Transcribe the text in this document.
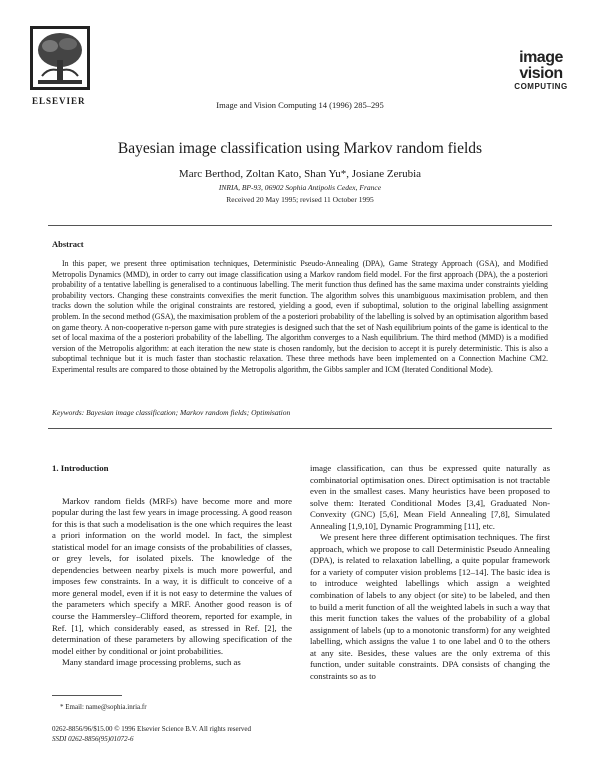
ELSEVIER	Image and Vision Computing 14 (1996) 285–295
image
vision
COMPUTING
Bayesian image classification using Markov random fields
Marc Berthod, Zoltan Kato, Shan Yu*, Josiane Zerubia
INRIA, BP-93, 06902 Sophia Antipolis Cedex, France
Received 20 May 1995; revised 11 October 1995
Abstract
In this paper, we present three optimisation techniques, Deterministic Pseudo-Annealing (DPA), Game Strategy Approach (GSA), and Modified Metropolis Dynamics (MMD), in order to carry out image classification using a Markov random field model. For the first approach (DPA), the a posteriori probability of a tentative labelling is generalised to a continuous labelling. The merit function thus defined has the same maxima under constraints yielding probability vectors. Changing these constraints convexifies the merit function. The algorithm solves this unambiguous maximisation problem, and then tracks down the solution while the original constraints are restored, yielding a good, even if suboptimal, solution to the original labelling assignment problem. In the second method (GSA), the maximisation problem of the a posteriori probability of the labelling is solved by an optimisation algorithm based on game theory. A non-cooperative n-person game with pure strategies is designed such that the set of Nash equilibrium points of the game is identical to the set of local maxima of the a posteriori probability of the labelling. The algorithm converges to a Nash equilibrium. The third method (MMD) is a modified version of the Metropolis algorithm: at each iteration the new state is chosen randomly, but the decision to accept it is purely deterministic. This is also a suboptimal technique but it is much faster than stochastic relaxation. These three methods have been implemented on a Connection Machine CM2. Experimental results are compared to those obtained by the Metropolis algorithm, the Gibbs sampler and ICM (Iterated Conditional Mode).
Keywords: Bayesian image classification; Markov random fields; Optimisation

1. Introduction

Markov random fields (MRFs) have become more and more popular during the last few years in image processing. A good reason for this is that such a modelisation is the one which requires the least a priori information on the world model. In fact, the simplest statistical model for an image consists of the probabilities of classes, or grey levels, for isolated pixels. The knowledge of the dependencies between nearby pixels is much more powerful, and imposes few constraints. In a way, it is difficult to conceive of a more general model, even if it is not easy to determine the values of the parameters which specify a MRF. Another good reason is of course the Hammersley–Clifford theorem, reported for example, in Ref. [1], which considerably eased, as stressed in Ref. [2], the determination of these parameters by allowing specification of the model either by conditional or joint probabilities.

Many standard image processing problems, such as

image classification, can thus be expressed quite naturally as combinatorial optimisation ones. Direct optimisation is not tractable even in the smallest cases. Many heuristics have been proposed to solve them: Iterated Conditional Modes [3,4], Graduated Non-Convexity (GNC) [5,6], Mean Field Annealing [7,8], Simulated Annealing [1,9,10], Dynamic Programming [11], etc.

We present here three different optimisation techniques. The first approach, which we propose to call Deterministic Pseudo Annealing (DPA), is related to relaxation labelling, a quite popular framework for a variety of computer vision problems [12–14]. The basic idea is to introduce weighted labellings which assign a weighted combination of labels to any object (or site) to be labeled, and then to build a merit function of all the weighted labels in such a way that this merit function takes the values of the probability of a global assignment of labels (up to a monotonic transform) for any weighted labelling, which assigns the value 1 to one label and 0 to the others at any site. Besides, these values are the only extrema of this function, under suitable constraints. DPA consists of changing the constraints so as to

* Email: name@sophia.inria.fr
0262-8856/96/$15.00 © 1996 Elsevier Science B.V. All rights reserved
SSDI 0262-8856(95)01072-6
